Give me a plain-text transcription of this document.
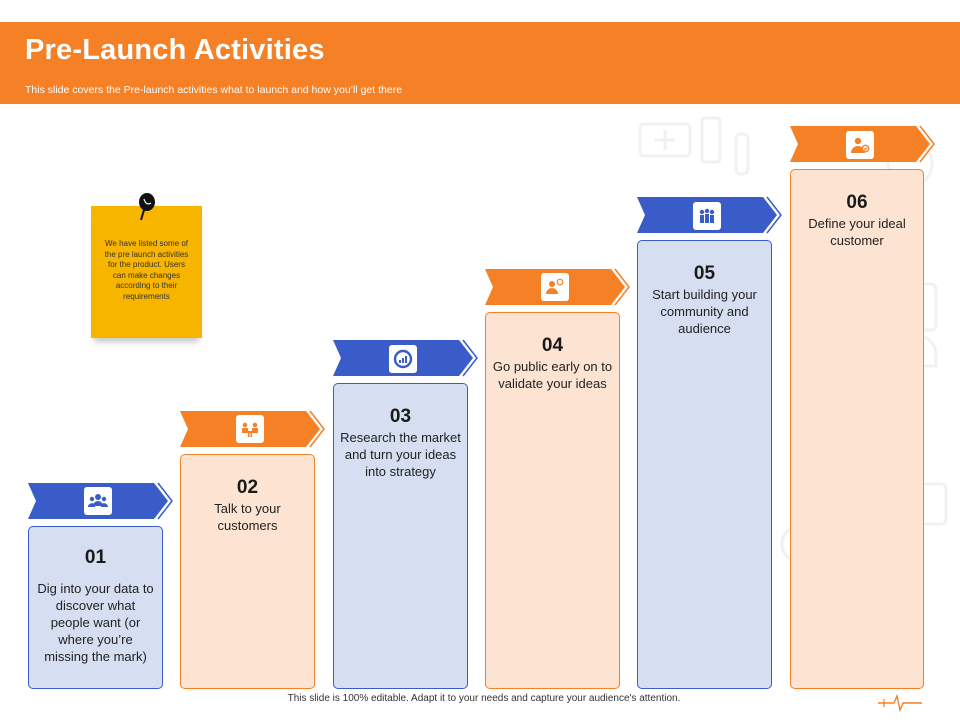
Pre-Launch Activities
This slide covers the Pre-launch activities what to launch and how you’ll get there
We have listed some of the pre launch activities for the product. Users can make changes according to their requirements
01
Dig into your data to discover what people want (or where you’re missing the mark)
02
Talk to your customers
03
Research the market and turn your ideas into strategy
04
Go public early on to validate your ideas
05
Start building your community and audience
06
Define your ideal customer
This slide is 100% editable. Adapt it to your needs and capture your audience's attention.
